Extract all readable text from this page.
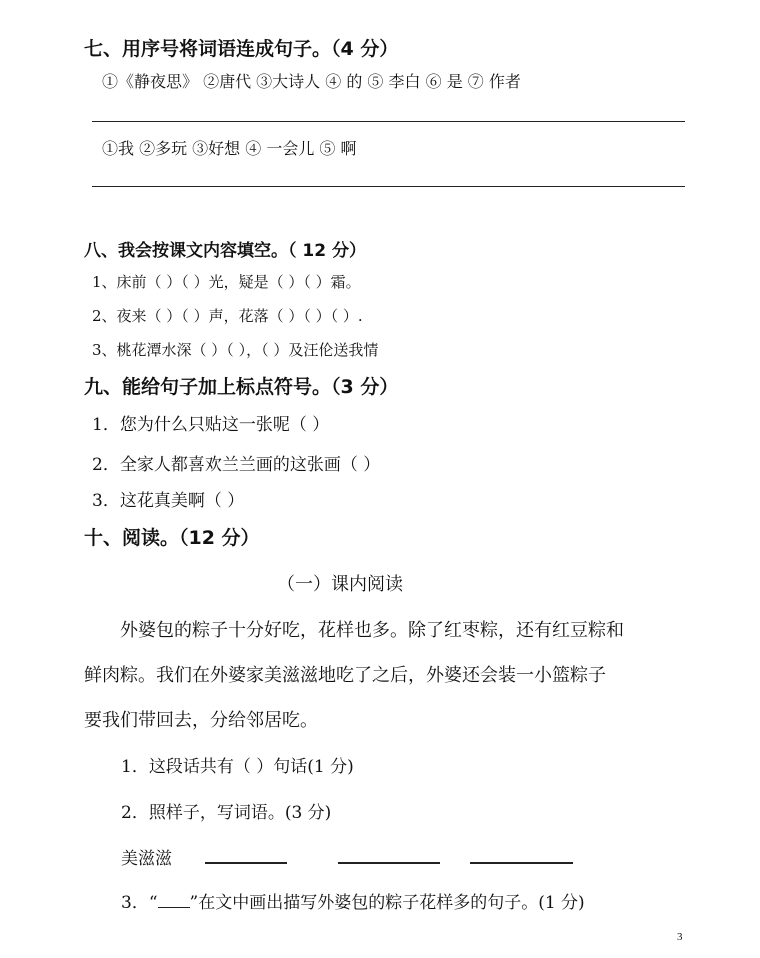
七、用序号将词语连成句子。（4 分）
①《静夜思》 ②唐代 ③大诗人 ④ 的 ⑤ 李白 ⑥ 是 ⑦ 作者
①我 ②多玩 ③好想 ④ 一会儿 ⑤ 啊
八、我会按课文内容填空。（ 12 分）
1、床前（ ）（ ）光，疑是（ ）（ ）霜。
2、夜来（ ）（ ）声，花落（ ）（ ）（ ）.
3、桃花潭水深（ ）（ ），（ ）及汪伦送我情
九、能给句子加上标点符号。（3 分）
1．您为什么只贴这一张呢（ ）
2．全家人都喜欢兰兰画的这张画（ ）
3．这花真美啊（ ）
十、阅读。（12 分）
（一）课内阅读
外婆包的粽子十分好吃，花样也多。除了红枣粽，还有红豆粽和
鲜肉粽。我们在外婆家美滋滋地吃了之后，外婆还会装一小篮粽子
要我们带回去，分给邻居吃。
1．这段话共有（ ）句话(1 分)
2．照样子，写词语。(3 分)
美滋滋
3．“ ”在文中画出描写外婆包的粽子花样多的句子。(1 分)
3
